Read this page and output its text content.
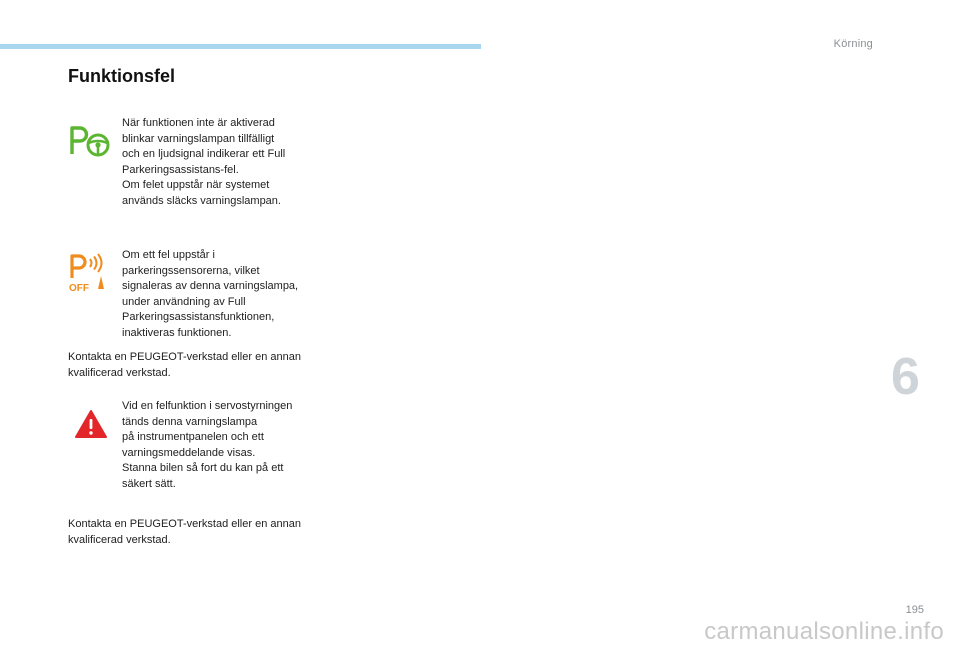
Körning
Funktionsfel
När funktionen inte är aktiverad
blinkar varningslampan tillfälligt
och en ljudsignal indikerar ett Full
Parkeringsassistans-fel.
Om felet uppstår när systemet
används släcks varningslampan.
OFF
Om ett fel uppstår i
parkeringssensorerna, vilket
signaleras av denna varningslampa,
under användning av Full
Parkeringsassistansfunktionen,
inaktiveras funktionen.
Kontakta en PEUGEOT-verkstad eller en annan
kvalificerad verkstad.
Vid en felfunktion i servostyrningen
tänds denna varningslampa
på instrumentpanelen och ett
varningsmeddelande visas.
Stanna bilen så fort du kan på ett
säkert sätt.
Kontakta en PEUGEOT-verkstad eller en annan
kvalificerad verkstad.
6
195
carmanualsonline.info
